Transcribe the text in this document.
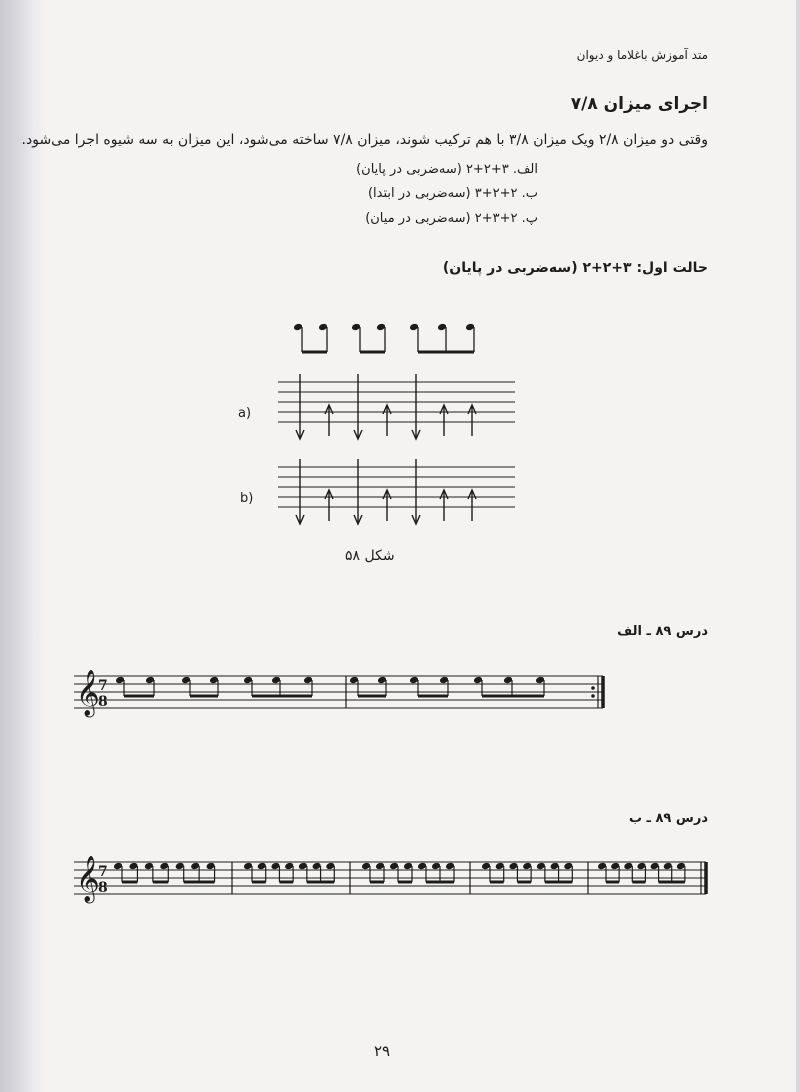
متد آموزش باغلاما و دیوان

اجرای میزان ۷/۸

وقتی دو میزان ۲/۸ ویک میزان ۳/۸ با هم ترکیب شوند، میزان ۷/۸ ساخته می‌شود، این میزان به سه شیوه اجرا می‌شود.

الف. ۳+۲+۲ (سه‌ضربی در پایان)

ب. ۲+۲+۳ (سه‌ضربی در ابتدا)

پ. ۲+۳+۲ (سه‌ضربی در میان)

حالت اول: ۳+۲+۲ (سه‌ضربی در پایان)

a)
b)

شکل ۵۸

درس ۸۹ ـ الف

درس ۸۹ ـ ب

۲۹

𝄞
7
8
𝄞
7
8
